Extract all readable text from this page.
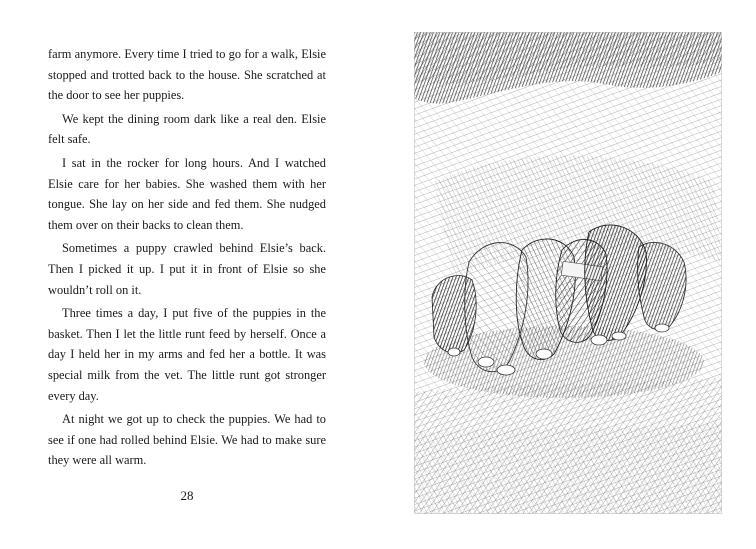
farm anymore. Every time I tried to go for a walk, Elsie stopped and trotted back to the house. She scratched at the door to see her puppies.

We kept the dining room dark like a real den. Elsie felt safe.

I sat in the rocker for long hours. And I watched Elsie care for her babies. She washed them with her tongue. She lay on her side and fed them. She nudged them over on their backs to clean them.

Sometimes a puppy crawled behind Elsie’s back. Then I picked it up. I put it in front of Elsie so she wouldn’t roll on it.

Three times a day, I put five of the puppies in the basket. Then I let the little runt feed by herself. Once a day I held her in my arms and fed her a bottle. It was special milk from the vet. The little runt got stronger every day.

At night we got up to check the puppies. We had to see if one had rolled behind Elsie. We had to make sure they were all warm.

28
